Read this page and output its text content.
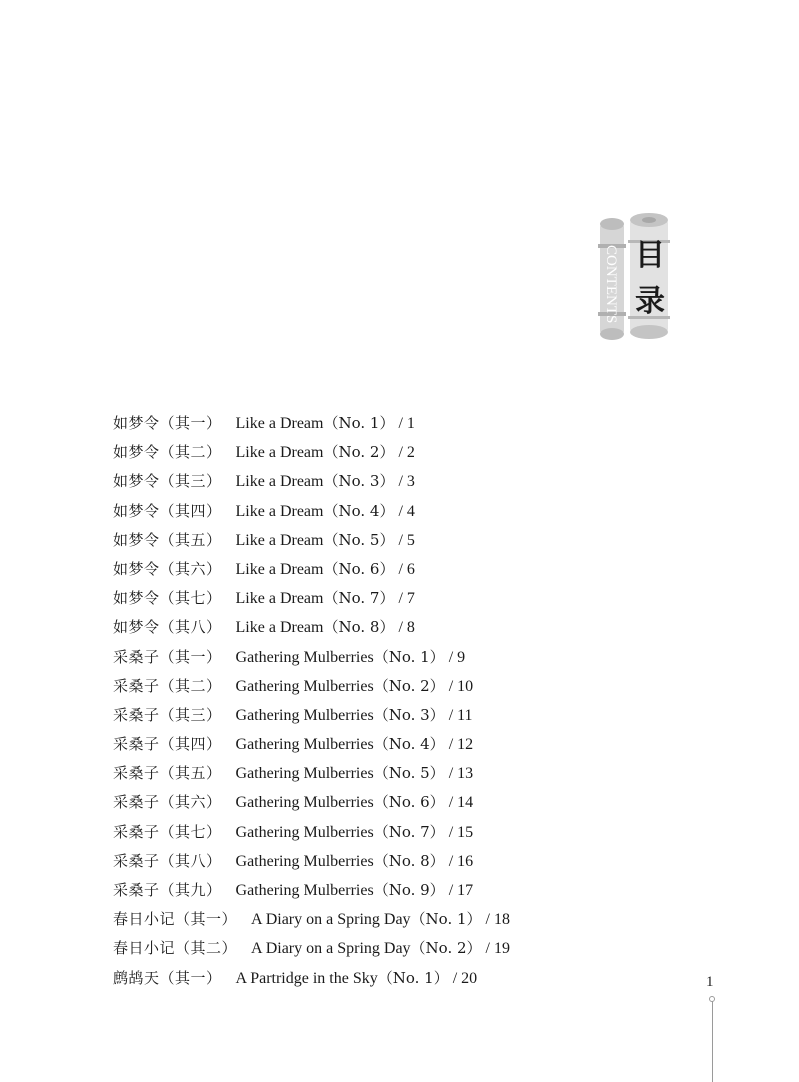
CONTENTS 目
录
如梦令（其一） Like a Dream （No. 1） / 1
如梦令（其二） Like a Dream （No. 2） / 2
如梦令（其三） Like a Dream （No. 3） / 3
如梦令（其四） Like a Dream （No. 4） / 4
如梦令（其五） Like a Dream （No. 5） / 5
如梦令（其六） Like a Dream （No. 6） / 6
如梦令（其七） Like a Dream （No. 7） / 7
如梦令（其八） Like a Dream （No. 8） / 8
采桑子（其一） Gathering Mulberries （No. 1） / 9
采桑子（其二） Gathering Mulberries （No. 2） / 10
采桑子（其三） Gathering Mulberries （No. 3） / 11
采桑子（其四） Gathering Mulberries （No. 4） / 12
采桑子（其五） Gathering Mulberries （No. 5） / 13
采桑子（其六） Gathering Mulberries （No. 6） / 14
采桑子（其七） Gathering Mulberries （No. 7） / 15
采桑子（其八） Gathering Mulberries （No. 8） / 16
采桑子（其九） Gathering Mulberries （No. 9） / 17
春日小记（其一） A Diary on a Spring Day （No. 1） / 18
春日小记（其二） A Diary on a Spring Day （No. 2） / 19
鹧鸪天（其一） A Partridge in the Sky （No. 1） / 20	1
